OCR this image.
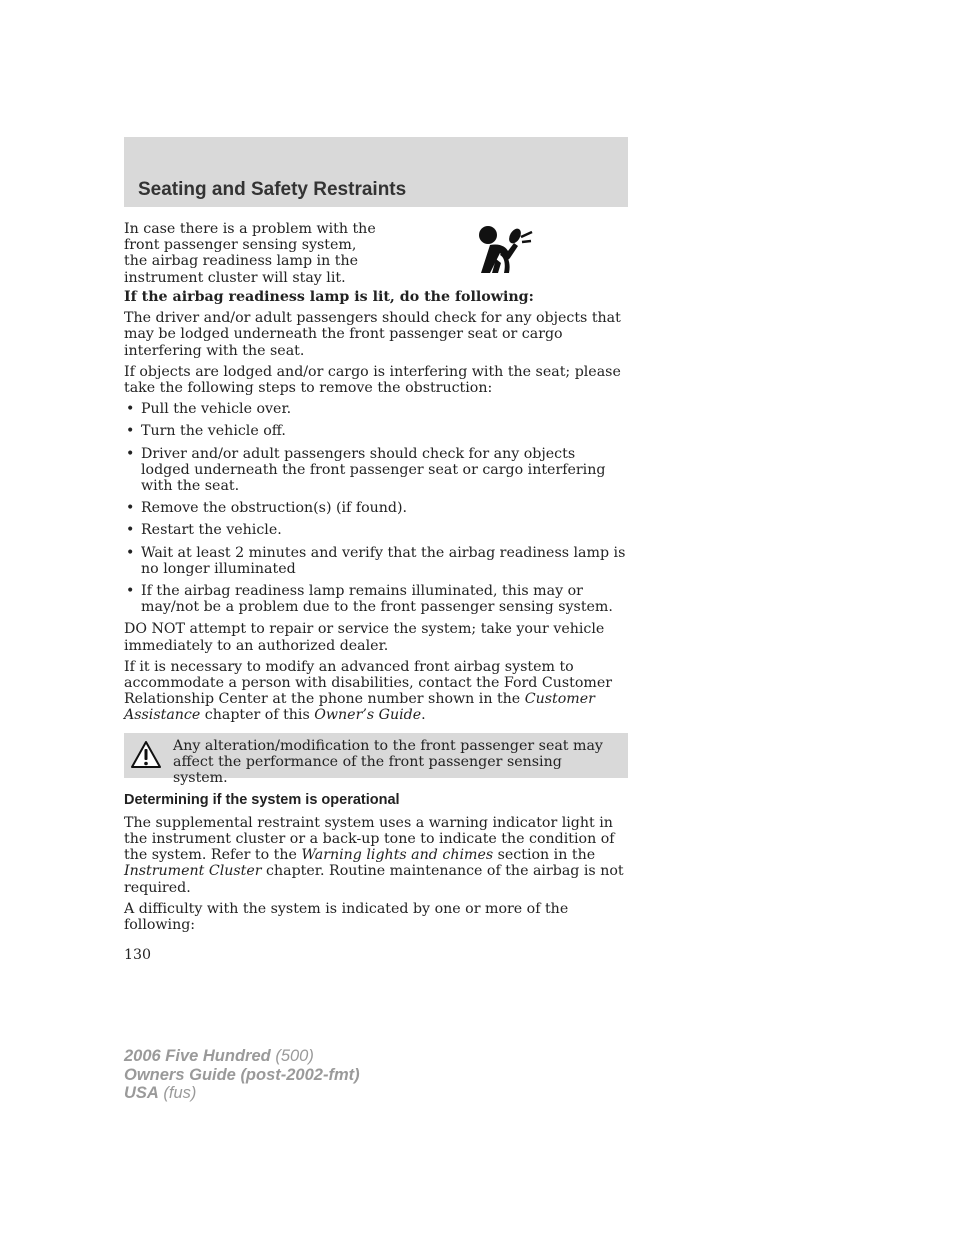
Seating and Safety Restraints

In case there is a problem with the front passenger sensing system, the airbag readiness lamp in the instrument cluster will stay lit.

If the airbag readiness lamp is lit, do the following:

The driver and/or adult passengers should check for any objects that may be lodged underneath the front passenger seat or cargo interfering with the seat.

If objects are lodged and/or cargo is interfering with the seat; please take the following steps to remove the obstruction:

• Pull the vehicle over.
• Turn the vehicle off.
• Driver and/or adult passengers should check for any objects lodged underneath the front passenger seat or cargo interfering with the seat.
• Remove the obstruction(s) (if found).
• Restart the vehicle.
• Wait at least 2 minutes and verify that the airbag readiness lamp is no longer illuminated
• If the airbag readiness lamp remains illuminated, this may or may/not be a problem due to the front passenger sensing system.

DO NOT attempt to repair or service the system; take your vehicle immediately to an authorized dealer.

If it is necessary to modify an advanced front airbag system to accommodate a person with disabilities, contact the Ford Customer Relationship Center at the phone number shown in the Customer Assistance chapter of this Owner’s Guide.

Any alteration/modification to the front passenger seat may affect the performance of the front passenger sensing system.

Determining if the system is operational

The supplemental restraint system uses a warning indicator light in the instrument cluster or a back-up tone to indicate the condition of the system. Refer to the Warning lights and chimes section in the Instrument Cluster chapter. Routine maintenance of the airbag is not required.

A difficulty with the system is indicated by one or more of the following:

130
2006 Five Hundred (500)
Owners Guide (post-2002-fmt)
USA (fus)
